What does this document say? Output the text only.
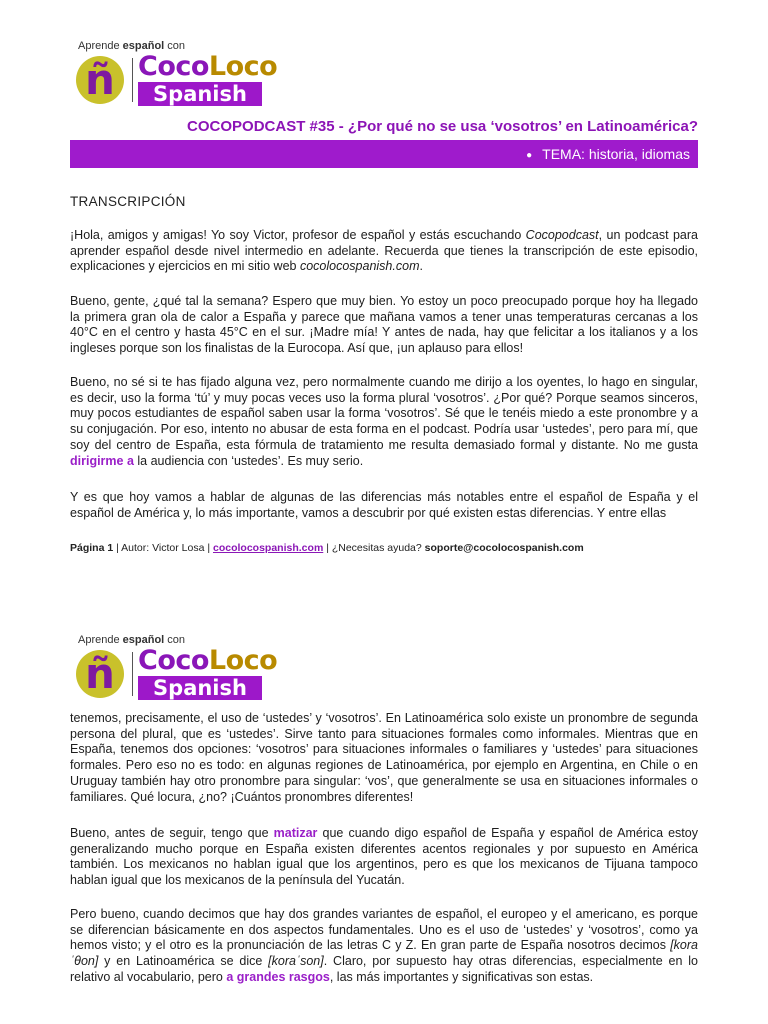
Aprende español con
ñ CocoLoco
Spanish
COCOPODCAST #35 - ¿Por qué no se usa ‘vosotros’ en Latinoamérica?
● TEMA: historia, idiomas
TRANSCRIPCIÓN

¡Hola, amigos y amigas! Yo soy Victor, profesor de español y estás escuchando Cocopodcast, un podcast para aprender español desde nivel intermedio en adelante. Recuerda que tienes la transcripción de este episodio, explicaciones y ejercicios en mi sitio web cocolocospanish.com.

Bueno, gente, ¿qué tal la semana? Espero que muy bien. Yo estoy un poco preocupado porque hoy ha llegado la primera gran ola de calor a España y parece que mañana vamos a tener unas temperaturas cercanas a los 40°C en el centro y hasta 45°C en el sur. ¡Madre mía! Y antes de nada, hay que felicitar a los italianos y a los ingleses porque son los finalistas de la Eurocopa. Así que, ¡un aplauso para ellos!

Bueno, no sé si te has fijado alguna vez, pero normalmente cuando me dirijo a los oyentes, lo hago en singular, es decir, uso la forma ‘tú’ y muy pocas veces uso la forma plural ‘vosotros’. ¿Por qué? Porque seamos sinceros, muy pocos estudiantes de español saben usar la forma ‘vosotros’. Sé que le tenéis miedo a este pronombre y a su conjugación. Por eso, intento no abusar de esta forma en el podcast. Podría usar ‘ustedes’, pero para mí, que soy del centro de España, esta fórmula de tratamiento me resulta demasiado formal y distante. No me gusta dirigirme a la audiencia con ‘ustedes’. Es muy serio.

Y es que hoy vamos a hablar de algunas de las diferencias más notables entre el español de España y el español de América y, lo más importante, vamos a descubrir por qué existen estas diferencias. Y entre ellas

Página 1 | Autor: Victor Losa | cocolocospanish.com | ¿Necesitas ayuda? soporte@cocolocospanish.com
Aprende español con
ñ CocoLoco
Spanish

tenemos, precisamente, el uso de ‘ustedes’ y ‘vosotros’. En Latinoamérica solo existe un pronombre de segunda persona del plural, que es ‘ustedes’. Sirve tanto para situaciones formales como informales. Mientras que en España, tenemos dos opciones: ‘vosotros’ para situaciones informales o familiares y ‘ustedes’ para situaciones formales. Pero eso no es todo: en algunas regiones de Latinoamérica, por ejemplo en Argentina, en Chile o en Uruguay también hay otro pronombre para singular: ‘vos’, que generalmente se usa en situaciones informales o familiares. Qué locura, ¿no? ¡Cuántos pronombres diferentes!

Bueno, antes de seguir, tengo que matizar que cuando digo español de España y español de América estoy generalizando mucho porque en España existen diferentes acentos regionales y por supuesto en América también. Los mexicanos no hablan igual que los argentinos, pero es que los mexicanos de Tijuana tampoco hablan igual que los mexicanos de la península del Yucatán.

Pero bueno, cuando decimos que hay dos grandes variantes de español, el europeo y el americano, es porque se diferencian básicamente en dos aspectos fundamentales. Uno es el uso de ‘ustedes’ y ‘vosotros’, como ya hemos visto; y el otro es la pronunciación de las letras C y Z. En gran parte de España nosotros decimos [koraˈθon] y en Latinoamérica se dice [koraˈson]. Claro, por supuesto hay otras diferencias, especialmente en lo relativo al vocabulario, pero a grandes rasgos, las más importantes y significativas son estas.
